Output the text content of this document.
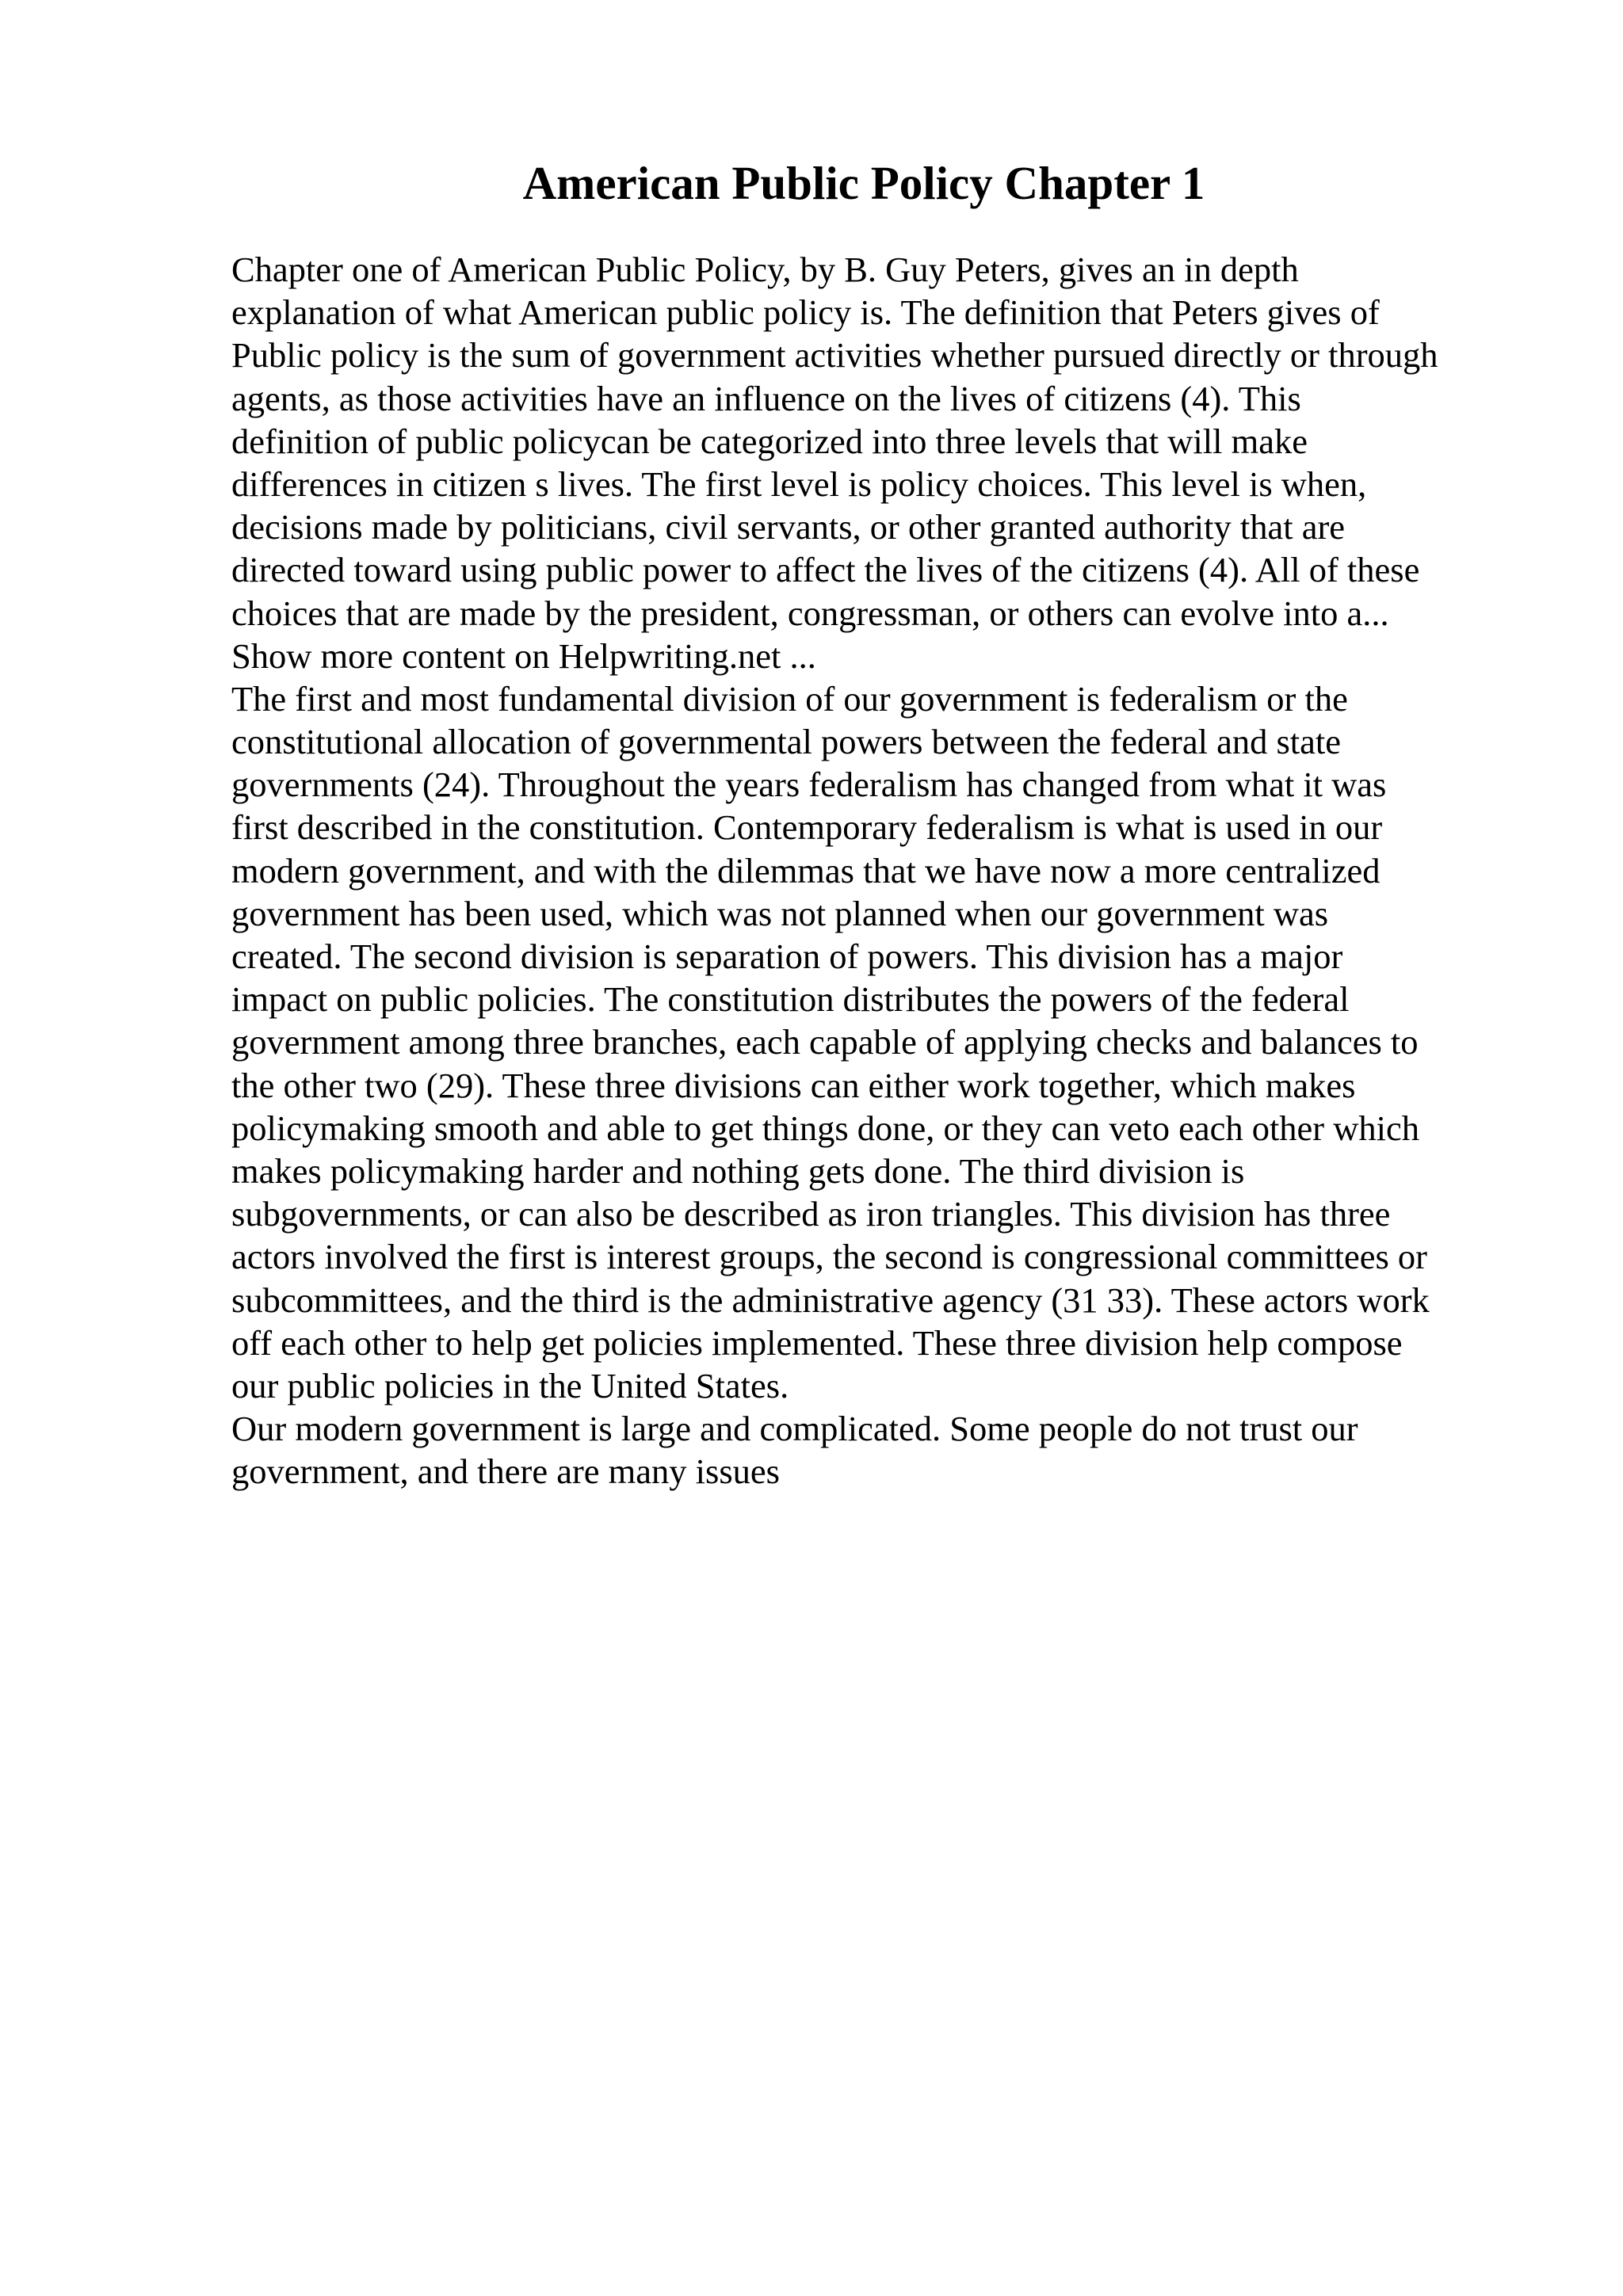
American Public Policy Chapter 1
Chapter one of American Public Policy, by B. Guy Peters, gives an in depth
explanation of what American public policy is. The definition that Peters gives of
Public policy is the sum of government activities whether pursued directly or through
agents, as those activities have an influence on the lives of citizens (4). This
definition of public policycan be categorized into three levels that will make
differences in citizen s lives. The first level is policy choices. This level is when,
decisions made by politicians, civil servants, or other granted authority that are
directed toward using public power to affect the lives of the citizens (4). All of these
choices that are made by the president, congressman, or others can evolve into a...
Show more content on Helpwriting.net ...
The first and most fundamental division of our government is federalism or the
constitutional allocation of governmental powers between the federal and state
governments (24). Throughout the years federalism has changed from what it was
first described in the constitution. Contemporary federalism is what is used in our
modern government, and with the dilemmas that we have now a more centralized
government has been used, which was not planned when our government was
created. The second division is separation of powers. This division has a major
impact on public policies. The constitution distributes the powers of the federal
government among three branches, each capable of applying checks and balances to
the other two (29). These three divisions can either work together, which makes
policymaking smooth and able to get things done, or they can veto each other which
makes policymaking harder and nothing gets done. The third division is
subgovernments, or can also be described as iron triangles. This division has three
actors involved the first is interest groups, the second is congressional committees or
subcommittees, and the third is the administrative agency (31 33). These actors work
off each other to help get policies implemented. These three division help compose
our public policies in the United States.
Our modern government is large and complicated. Some people do not trust our
government, and there are many issues
